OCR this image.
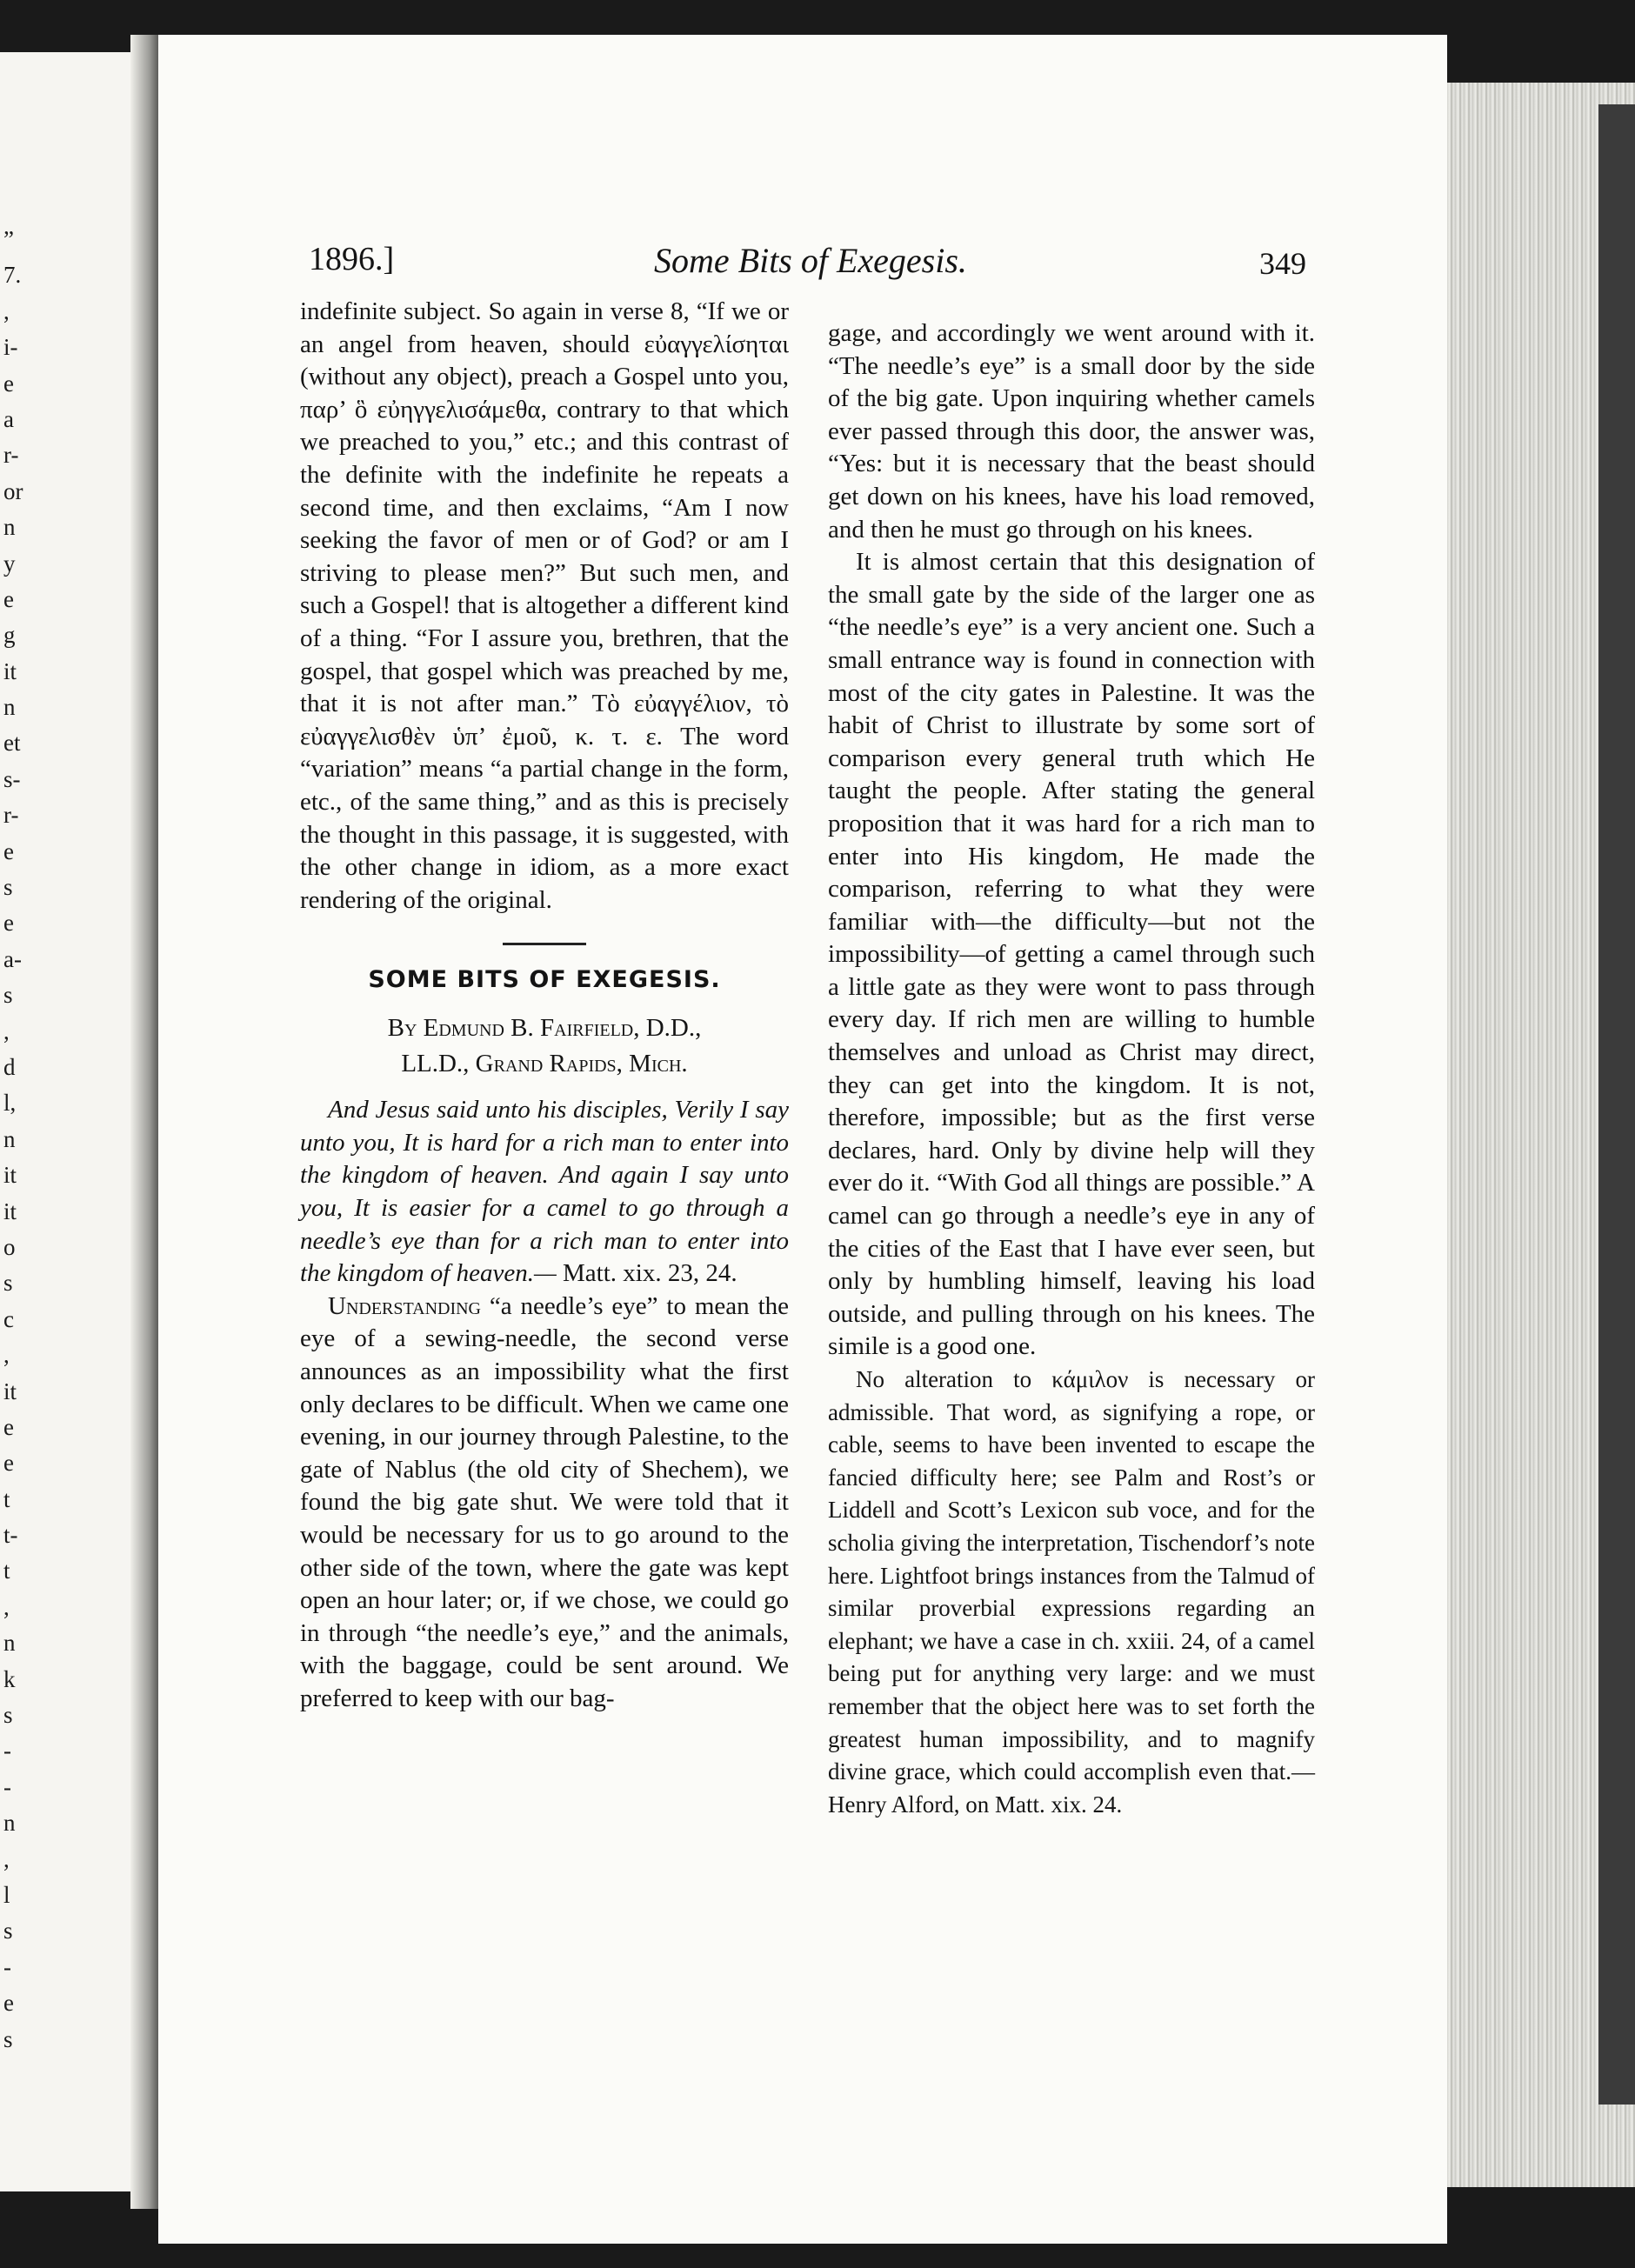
”
7.
,
i-
e
a
r-
or
n
y
e
g
it
n
et
s-
r-
e
s
e
a-
s
,
d
l,
n
it
it
o
s
c
,
it
e
e
t
t-
t
,
n
k
s
-
-
n
,
l
s
-
e
s
1896.]	Some Bits of Exegesis.	349

indefinite subject. So again in verse 8, “If we or an angel from heaven, should εὐαγγελίσηται (without any object), preach a Gospel unto you, παρ’ ὃ εὐηγγελισάμεθα, contrary to that which we preached to you,” etc.; and this contrast of the definite with the indefinite he repeats a second time, and then exclaims, “Am I now seeking the favor of men or of God? or am I striving to please men?” But such men, and such a Gospel! that is altogether a different kind of a thing. “For I assure you, brethren, that the gospel, that gospel which was preached by me, that it is not after man.” Τὸ εὐαγγέλιον, τὸ εὐαγγελισθὲν ὑπ’ ἐμοῦ, κ. τ. ε. The word “variation” means “a partial change in the form, etc., of the same thing,” and as this is precisely the thought in this passage, it is suggested, with the other change in idiom, as a more exact rendering of the original.

SOME BITS OF EXEGESIS.
By Edmund B. Fairfield, D.D.,
LL.D., Grand Rapids, Mich.

And Jesus said unto his disciples, Verily I say unto you, It is hard for a rich man to enter into the kingdom of heaven. And again I say unto you, It is easier for a camel to go through a needle’s eye than for a rich man to enter into the kingdom of heaven.— Matt. xix. 23, 24.

Understanding “a needle’s eye” to mean the eye of a sewing-needle, the second verse announces as an impossibility what the first only declares to be difficult. When we came one evening, in our journey through Palestine, to the gate of Nablus (the old city of Shechem), we found the big gate shut. We were told that it would be necessary for us to go around to the other side of the town, where the gate was kept open an hour later; or, if we chose, we could go in through “the needle’s eye,” and the animals, with the baggage, could be sent around. We preferred to keep with our bag-

gage, and accordingly we went around with it. “The needle’s eye” is a small door by the side of the big gate. Upon inquiring whether camels ever passed through this door, the answer was, “Yes: but it is necessary that the beast should get down on his knees, have his load removed, and then he must go through on his knees.

It is almost certain that this designation of the small gate by the side of the larger one as “the needle’s eye” is a very ancient one. Such a small entrance way is found in connection with most of the city gates in Palestine. It was the habit of Christ to illustrate by some sort of comparison every general truth which He taught the people. After stating the general proposition that it was hard for a rich man to enter into His kingdom, He made the comparison, referring to what they were familiar with—the difficulty—but not the impossibility—of getting a camel through such a little gate as they were wont to pass through every day. If rich men are willing to humble themselves and unload as Christ may direct, they can get into the kingdom. It is not, therefore, impossible; but as the first verse declares, hard. Only by divine help will they ever do it. “With God all things are possible.” A camel can go through a needle’s eye in any of the cities of the East that I have ever seen, but only by humbling himself, leaving his load outside, and pulling through on his knees. The simile is a good one.

No alteration to κάμιλον is necessary or admissible. That word, as signifying a rope, or cable, seems to have been invented to escape the fancied difficulty here; see Palm and Rost’s or Liddell and Scott’s Lexicon sub voce, and for the scholia giving the interpretation, Tischendorf’s note here. Lightfoot brings instances from the Talmud of similar proverbial expressions regarding an elephant; we have a case in ch. xxiii. 24, of a camel being put for anything very large: and we must remember that the object here was to set forth the greatest human impossibility, and to magnify divine grace, which could accomplish even that.—Henry Alford, on Matt. xix. 24.
